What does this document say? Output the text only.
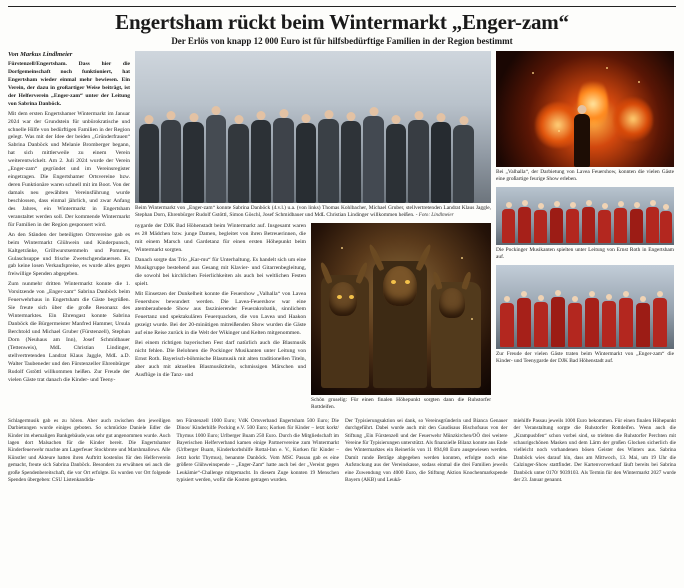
Engertsham rückt beim Wintermarkt „Enger-zam“
Der Erlös von knapp 12 000 Euro ist für hilfsbedürftige Familien in der Region bestimmt
Von Markus Lindlmeier

Fürstenzell/Engertsham. Dass hier die Dorfgemeinschaft noch funktioniert, hat Engertsham wieder einmal mehr bewiesen. Ein Verein, der dazu in großartiger Weise beiträgt, ist der Helferverein „Enger-zam“ unter der Leitung von Sabrina Danböck.

Mit dem ersten Engertshamer Wintermarkt im Januar 2024 war der Grundstein für unbürokratische und schnelle Hilfe von bedürftigen Familien in der Region gelegt. Was mit der Idee der beiden „Gründerfrauen“ Sabrina Danböck und Melanie Bromberger begann, hat sich mittlerweile zu einem Verein weiterentwickelt. Am 2. Juli 2024 wurde der Verein „Enger-zam“ gegründet und im Vereinsregister eingetragen. Die Engertshamer Ortsvereine bzw. deren Funktionäre waren schnell mit im Boot. Von der damals neu gewählten Vereinsführung wurde beschlossen, dass einmal jährlich, und zwar Anfang des Jahres, ein Wintermarkt in Engertsham veranstaltet werden soll. Der kommende Wintermarkt für Familien in der Region gesponsert wird.

An den Ständen der beteiligten Ortsvereine gab es beim Wintermarkt Glühwein und Kinderpunsch, Kaltgetränke, Grillwurstsemmeln und Pommes, Gulaschsuppe und frische Zwetschgendauersen. Es gab keine losen Verkaufspreise, es wurde alles gegen freiwillige Spenden abgegeben.

Zum nunmehr dritten Wintermarkt konnte die 1. Vorsitzende von „Enger-zam“ Sabrina Danböck beim Feuerwehrhaus in Engertsham die Gäste begrüßen. Sie freute sich über die große Resonanz des Wintermarktes. Ein Ehrengast konnte Sabrina Danböck die Bürgermeister Manfred Hammer, Ursula Berchtold und Michael Gruber (Fürstenzell), Stephan Dorn (Neuhaus am Inn), Josef Schmidbauer (Tettenweis), MdL Christian Lindinger, stellvertretenden Landrat Klaus Jaggle, MdL a.D. Walter Taubeneder und den Fürstenzeller Ehrenbürger Rudolf Gstöttl willkommen heißen. Zur Freude der vielen Gäste trat danach die Kinder- und Teeny-

Beim Wintermarkt von „Enger-zam“ konnte Sabrina Danböck (4.v.l.) u.a. (von links) Thomas Kohlbacher, Michael Gruber, stellvertretenden Landrat Klaus Jaggle, Stephan Dorn, Ehrenbürger Rudolf Gstöttl, Simon Göschl, Josef Schmidbauer und MdL Christian Lindinger willkommen heißen. - Foto: Lindlmeier

nygarde der DJK Bad Höhenstadt beim Wintermarkt auf. Insgesamt waren es 28 Mädchen bzw. junge Damen, begleitet von ihren Betreuerinnen, die mit einem Marsch und Gardetanz für einen ersten Höhepunkt beim Wintermarkt sorgten.

Danach sorgte das Trio „Kar-mu“ für Unterhaltung. Es handelt sich um eine Musikgruppe bestehend aus Gesang mit Klavier- und Gitarrenbegleitung, die sowohl bei kirchlichen Feierlichkeiten als auch bei weltlichen Festen spielt.

Mit Einsetzen der Dunkelheit konnte die Feuershow „Valhalla“ von Lavea Feuershow bewundert werden. Die Lavea-Feuershow war eine atemberaubende Show aus faszinierender Feuerakrobatik, sinnlichem Feuertanz und spektakulären Feuerquacken, die von Lavea und Haakon gezeigt wurde. Bei der 20-minütigen mitreißenden Show wurden die Gäste auf eine Reise zurück in die Welt der Wikinger und Kelten mitgenommen.

Bei einem richtigen bayerischen Fest darf natürlich auch die Blasmusik nicht fehlen. Die Belohnen die Pockinger Musikanten unter Leitung von Ernst Roth. Bayerisch-böhmische Blasmusik mit alten traditionellen Titeln, aber auch mit aktuellen Blasmusiktiteln, schmissigen Märschen und Ausflüge in die Tanz- und

Schön gruselig: Für einen finalen Höhepunkt sorgten dann die Ruhstorfer Rottdeifen.
Bei „Valhalla“, der Darbietung von Lavea Feuershow, konnten die vielen Gäste eine großartige feurige Show erleben.
Die Pockinger Musikanten spielten unter Leitung von Ernst Roth in Engertsham auf.
Zur Freude der vielen Gäste traten beim Wintermarkt von „Enger-zam“ die Kinder- und Teenygarde der DJK Bad Höhenstadt auf.
Schlagermusik gab es zu hören. Aber auch zwischen den jeweiligen Darbietungen wurde einiges geboten. So schmückte Daniele Edler die Kinder im ehemaligen Bankgebäude,was sehr gut angenommen wurde. Auch lagen dort Malsachen für die Kinder bereit. Die Engertshamer Kinderfeuerwehr machte am Lagerfeuer Stockbrote und Marshmallows. Alle Künstler und Akteure hatten ihren Auftritt kostenlos für den Helferverein gemacht, freute sich Sabrina Danböck. Besonders zu erwähnen sei auch die große Spendenbereitschaft, die vor Ort erfolgte. Es wurden vor Ort folgende Spenden übergeben: CSU Listenkandida-
ten Fürstenzell 1000 Euro; VdK Ortsverband Engertsham 500 Euro; Die Dinos/ Kinderhilfe Pocking e.V. 500 Euro; Korken für Kinder – letzt korkt/ Thymus 1000 Euro; Urlberger Buam 250 Euro. Durch die Mitgliedschaft im Bayerischen Helferverband kamen einige Partnervereine zum Wintermarkt (Urlberger Buam, Kinderkorbshilfe Rottal-Inn e. V., Korken für Kinder – Jetzt korkt Thymus), benannte Danböck. Vom MSC Passau gab es eine größere Glühweinspende – „Enger-Zam“ hatte auch bei der „Vereint gegen Leukämie“-Challenge mitgemacht. In diesem Zuge konnten 19 Menschen typisiert werden, wofür die Kosten getragen wurden.
Der Typisierungsaktion sei dank, so Vereinsgründerin und Bianca Genauer durchgeführt. Dabei wurde auch mit den Gaudisaus Bischofsaus von der Stiftung „Ein Fürstenzell und der Feuerwehr Münzkirchen/OÖ drei weitere Vereine für Typisierungen unterstützt. Als finanzielle Bilanz konnte ans Ende des Wintermarktes ein Reinerlös von 11 894,80 Euro ausgewiesen werden. Damit runde Beträge abgegeben werden konnten, erfolgte noch eine Aufstockung aus der Vereinskasse, sodass einmal die drei Familien jeweils eine Zuwendung von 4000 Euro, die Stiftung Aktion Knochenmarkspende Bayern (AKB) und Leukä-
miehilfe Passau jeweils 1000 Euro bekommen. Für einen finalen Höhepunkt der Veranstaltung sorgte die Ruhstorfer Rottdeifen. Wenn auch die „Krampusbfen“ schon vorbei sind, so triebten die Ruhstorfer Perchten mit schaurigschönen Masken und dem Lärm der großen Glocken sicherlich die vielleicht noch vorhandenen bösen Geister des Winters aus. Sabrina Danböck wies darauf hin, dass am Mittwoch, 13. Mai, um 19 Uhr die Calzinger-Show stattfindet. Der Kartenvorverkauf läuft bereits bei Sabrina Danböck unter 0170/ 9039103. Als Termin für den Wintermarkt 2027 wurde der 23. Januar genannt.
